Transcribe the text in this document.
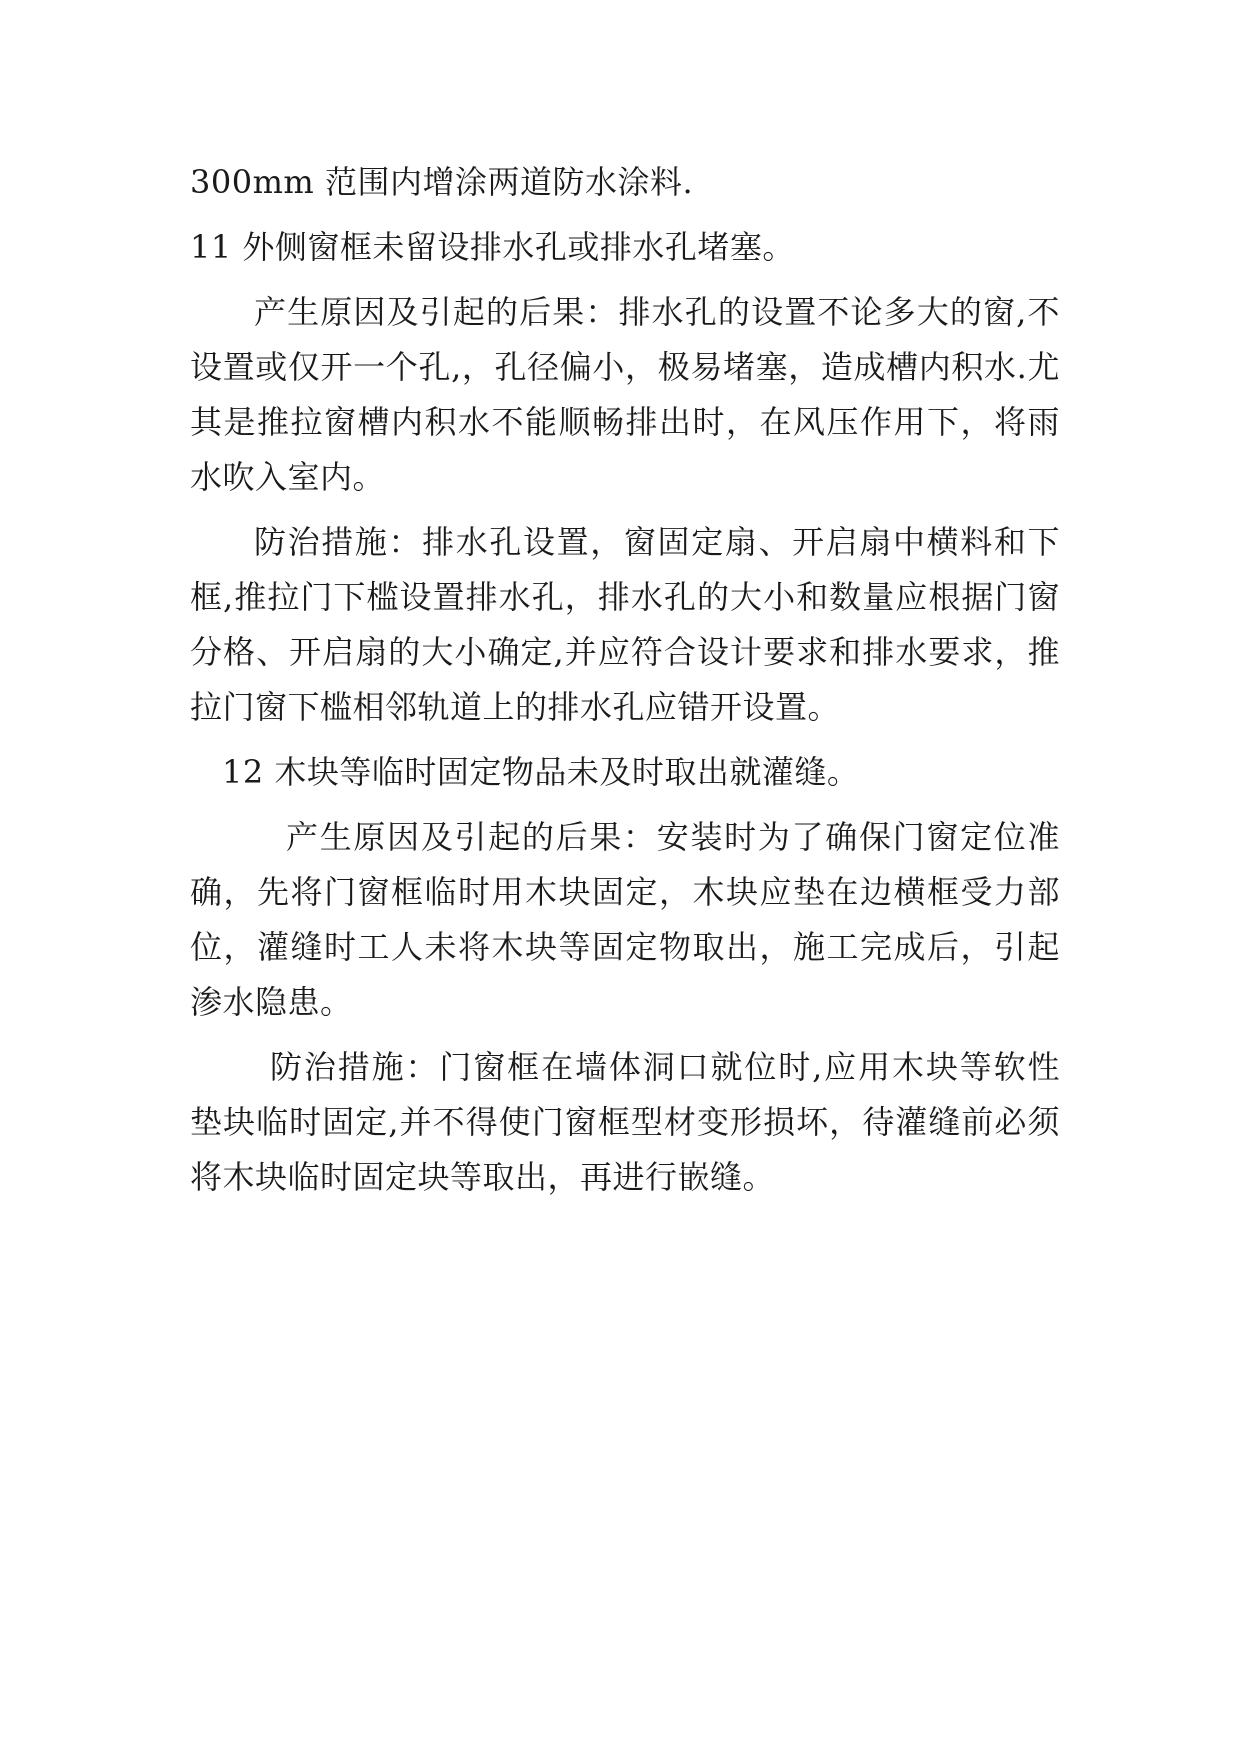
300mm 范围内增涂两道防水涂料.

11 外侧窗框未留设排水孔或排水孔堵塞。

产生原因及引起的后果：排水孔的设置不论多大的窗,不设置或仅开一个孔,，孔径偏小，极易堵塞，造成槽内积水.尤其是推拉窗槽内积水不能顺畅排出时，在风压作用下，将雨水吹入室内。

防治措施：排水孔设置，窗固定扇、开启扇中横料和下框,推拉门下槛设置排水孔，排水孔的大小和数量应根据门窗分格、开启扇的大小确定,并应符合设计要求和排水要求，推拉门窗下槛相邻轨道上的排水孔应错开设置。

12 木块等临时固定物品未及时取出就灌缝。

产生原因及引起的后果：安装时为了确保门窗定位准确，先将门窗框临时用木块固定，木块应垫在边横框受力部位，灌缝时工人未将木块等固定物取出，施工完成后，引起渗水隐患。

防治措施：门窗框在墙体洞口就位时,应用木块等软性垫块临时固定,并不得使门窗框型材变形损坏，待灌缝前必须将木块临时固定块等取出，再进行嵌缝。
